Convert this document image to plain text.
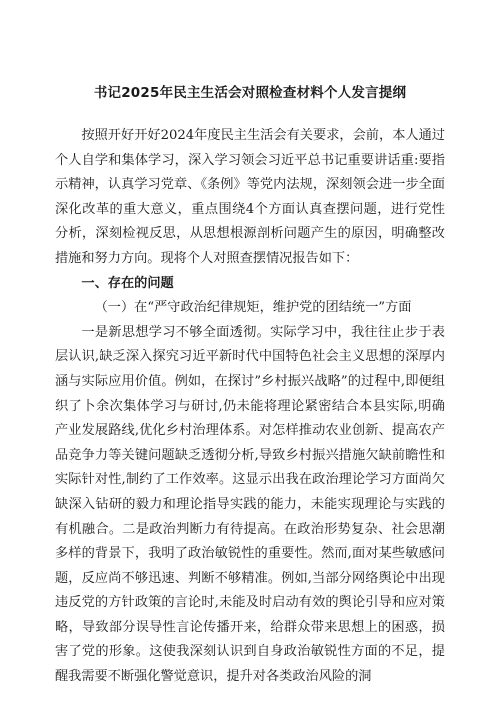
书记2025年民主生活会对照检查材料个人发言提纲

按照开好开好2024年度民主生活会有关要求，会前，本人通过个人自学和集体学习，深入学习领会习近平总书记重要讲话重:要指示精神，认真学习党章、《条例》等党内法规，深刻领会进一步全面深化改革的重大意义，重点围绕4个方面认真查摆问题，进行党性分析，深刻检视反思，从思想根源剖析问题产生的原因，明确整改措施和努力方向。现将个人对照查摆情况报告如下：

一、存在的问题

（一）在“严守政治纪律规矩，维护党的团结统一”方面

一是新思想学习不够全面透彻。实际学习中，我往往止步于表层认识,缺乏深入探究习近平新时代中国特色社会主义思想的深厚内涵与实际应用价值。例如，在探讨”乡村振兴战略”的过程中,即便组织了卜余次集体学习与研讨,仍未能将理论紧密结合本县实际,明确产业发展路线,优化乡村治理体系。对怎样推动农业创新、提高农产品竞争力等关键问题缺乏透彻分析,导致乡村振兴措施欠缺前瞻性和实际针对性,制约了工作效率。这显示出我在政治理论学习方面尚欠缺深入钻研的毅力和理论指导实践的能力，未能实现理论与实践的有机融合。二是政治判断力有待提高。在政治形势复杂、社会思潮多样的背景下，我明了政治敏锐性的重要性。然而,面对某些敏感问题，反应尚不够迅速、判断不够精准。例如,当部分网络舆论中出现违反党的方针政策的言论时,未能及时启动有效的舆论引导和应对策略，导致部分误导性言论传播开来，给群众带来思想上的困惑，损害了党的形象。这使我深刻认识到自身政治敏锐性方面的不足，提醒我需要不断强化警觉意识，提升对各类政治风险的洞
